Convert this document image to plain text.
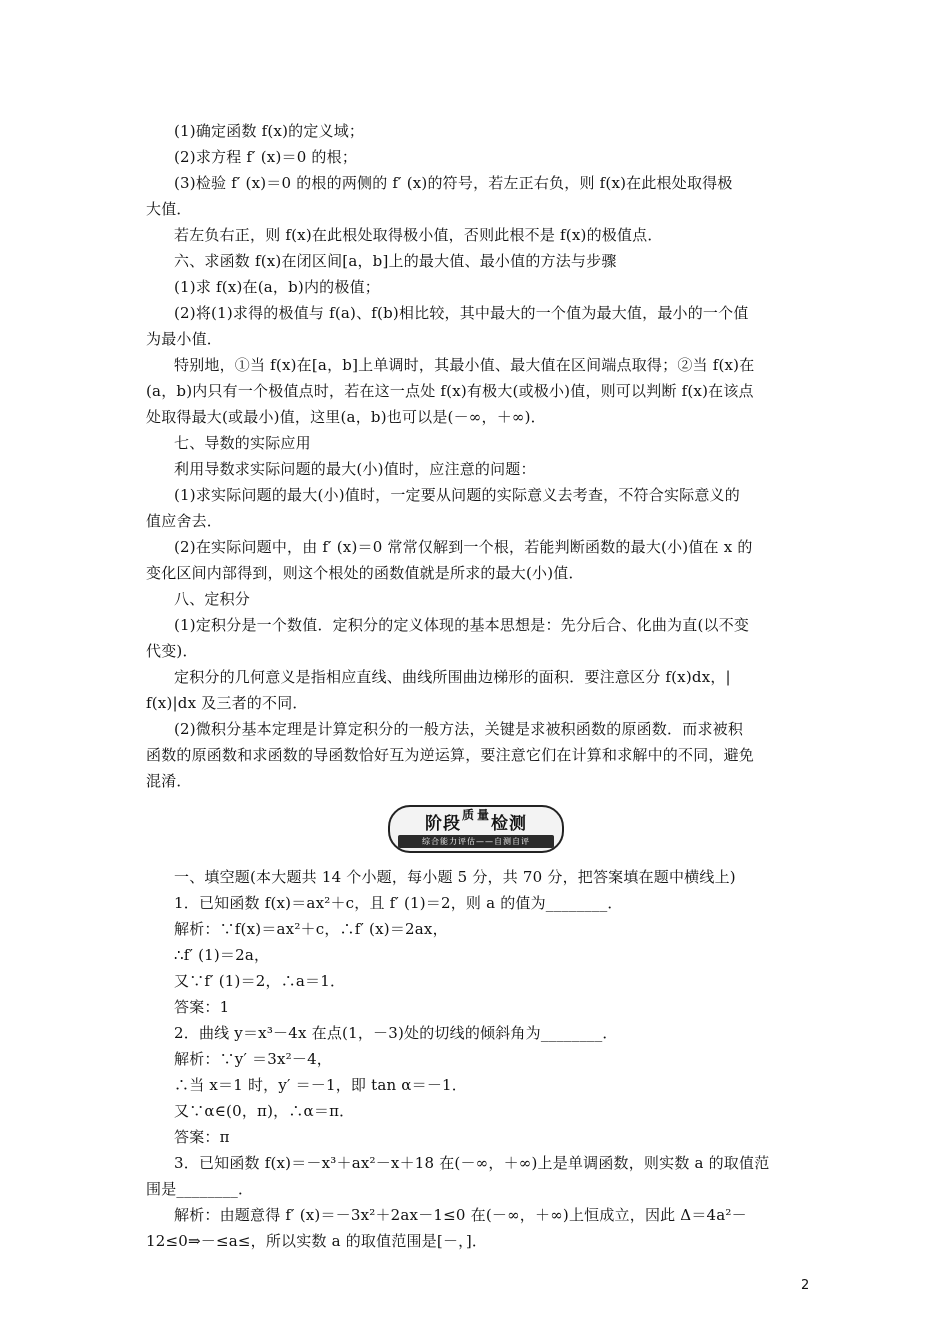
(1)确定函数 f(x)的定义域；
(2)求方程 f′ (x)＝0 的根；
(3)检验 f′ (x)＝0 的根的两侧的 f′ (x)的符号，若左正右负，则 f(x)在此根处取得极
大值．
若左负右正，则 f(x)在此根处取得极小值，否则此根不是 f(x)的极值点．
六、求函数 f(x)在闭区间[a，b]上的最大值、最小值的方法与步骤
(1)求 f(x)在(a，b)内的极值；
(2)将(1)求得的极值与 f(a)、f(b)相比较，其中最大的一个值为最大值，最小的一个值
为最小值．
特别地，①当 f(x)在[a，b]上单调时，其最小值、最大值在区间端点取得；②当 f(x)在
(a，b)内只有一个极值点时，若在这一点处 f(x)有极大(或极小)值，则可以判断 f(x)在该点
处取得最大(或最小)值，这里(a，b)也可以是(－∞，＋∞)．
七、导数的实际应用
利用导数求实际问题的最大(小)值时，应注意的问题：
(1)求实际问题的最大(小)值时，一定要从问题的实际意义去考查，不符合实际意义的
值应舍去．
(2)在实际问题中，由 f′ (x)＝0 常常仅解到一个根，若能判断函数的最大(小)值在 x 的
变化区间内部得到，则这个根处的函数值就是所求的最大(小)值．
八、定积分
(1)定积分是一个数值．定积分的定义体现的基本思想是：先分后合、化曲为直(以不变
代变)．
定积分的几何意义是指相应直线、曲线所围曲边梯形的面积．要注意区分 f(x)dx，|
f(x)|dx 及三者的不同．
(2)微积分基本定理是计算定积分的一般方法，关键是求被积函数的原函数．而求被积
函数的原函数和求函数的导函数恰好互为逆运算，要注意它们在计算和求解中的不同，避免
混淆．
阶段 质 量 检测
综合能力评估——自测自评
一、填空题(本大题共 14 个小题，每小题 5 分，共 70 分，把答案填在题中横线上)
1．已知函数 f(x)＝ax²＋c，且 f′ (1)＝2，则 a 的值为________．
解析：∵f(x)＝ax²＋c，∴f′ (x)＝2ax，
∴f′ (1)＝2a，
又∵f′ (1)＝2，∴a＝1．
答案：1
2．曲线 y＝x³－4x 在点(1，－3)处的切线的倾斜角为________．
解析：∵y′ ＝3x²－4，
∴当 x＝1 时，y′ ＝－1，即 tan α＝－1．
又∵α∈(0，π)，∴α＝π．
答案：π
3．已知函数 f(x)＝－x³＋ax²－x＋18 在(－∞，＋∞)上是单调函数，则实数 a 的取值范
围是________．
解析：由题意得 f′ (x)＝－3x²＋2ax－1≤0 在(－∞，＋∞)上恒成立，因此 Δ＝4a²－
12≤0⇒－≤a≤，所以实数 a 的取值范围是[－，]．
2
